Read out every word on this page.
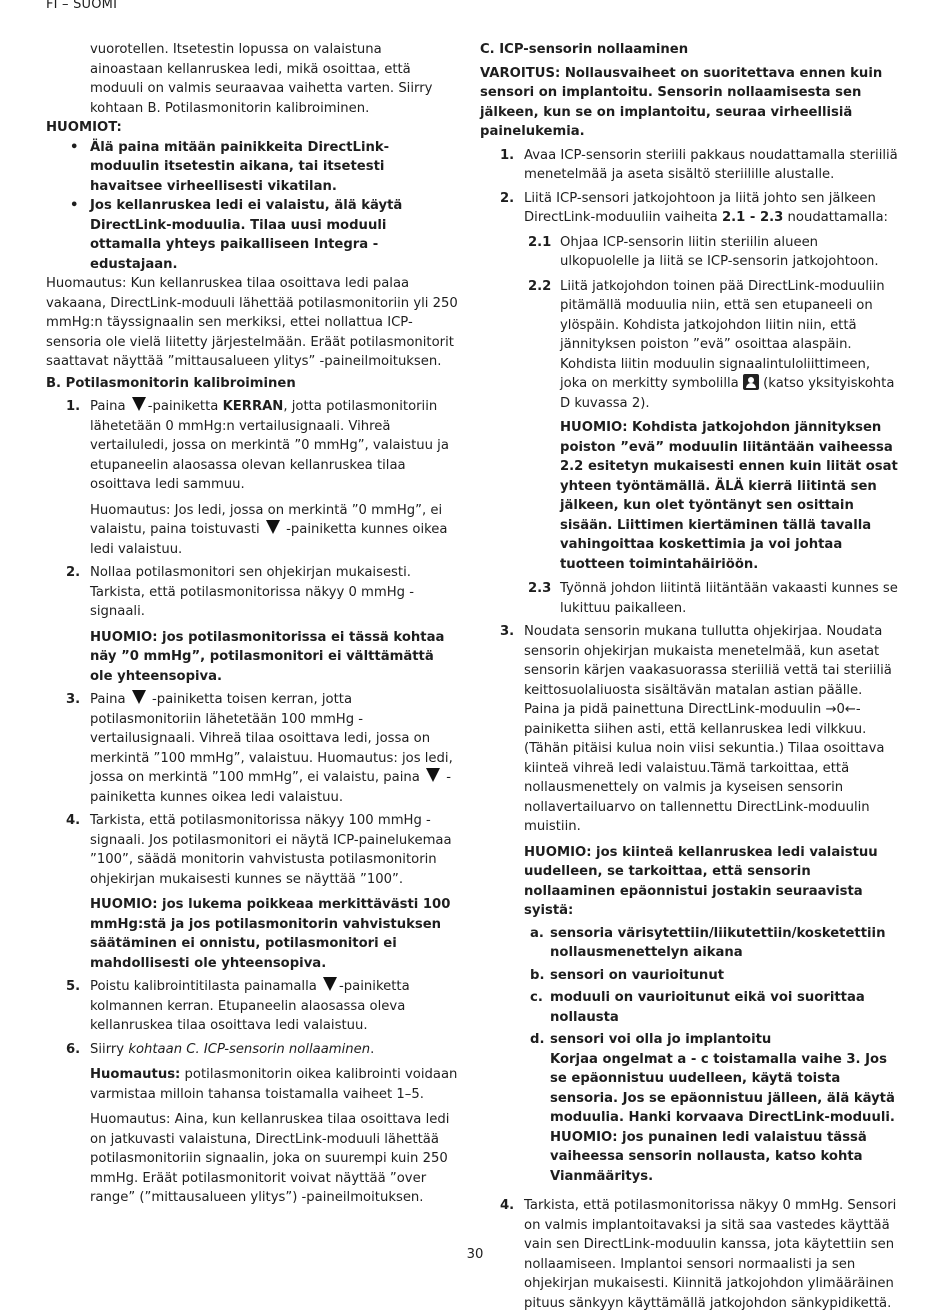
FI – SUOMI

vuorotellen. Itsetestin lopussa on valaistuna ainoastaan kellanruskea ledi, mikä osoittaa, että moduuli on valmis seuraavaa vaihetta varten. Siirry kohtaan B. Potilasmonitorin kalibroiminen.

HUOMIOT:

• Älä paina mitään painikkeita DirectLink-moduulin itsetestin aikana, tai itsetesti havaitsee virheellisesti vikatilan.

• Jos kellanruskea ledi ei valaistu, älä käytä DirectLink-moduulia. Tilaa uusi moduuli ottamalla yhteys paikalliseen Integra -edustajaan.

Huomautus: Kun kellanruskea tilaa osoittava ledi palaa vakaana, DirectLink-moduuli lähettää potilasmonitoriin yli 250 mmHg:n täyssignaalin sen merkiksi, ettei nollattua ICP-sensoria ole vielä liitetty järjestelmään. Eräät potilasmonitorit saattavat näyttää ”mittausalueen ylitys” -paineilmoituksen.

B. Potilasmonitorin kalibroiminen

1. Paina -painiketta KERRAN, jotta potilasmonitoriin lähetetään 0 mmHg:n vertailusignaali. Vihreä vertailuledi, jossa on merkintä ”0 mmHg”, valaistuu ja etupaneelin alaosassa olevan kellanruskea tilaa osoittava ledi sammuu.
Huomautus: Jos ledi, jossa on merkintä ”0 mmHg”, ei valaistu, paina toistuvasti -painiketta kunnes oikea ledi valaistuu.
2. Nollaa potilasmonitori sen ohjekirjan mukaisesti. Tarkista, että potilasmonitorissa näkyy 0 mmHg -signaali.
HUOMIO: jos potilasmonitorissa ei tässä kohtaa näy ”0 mmHg”, potilasmonitori ei välttämättä ole yhteensopiva.
3. Paina -painiketta toisen kerran, jotta potilasmonitoriin lähetetään 100 mmHg -vertailusignaali. Vihreä tilaa osoittava ledi, jossa on merkintä ”100 mmHg”, valaistuu. Huomautus: jos ledi, jossa on merkintä ”100 mmHg”, ei valaistu, paina -painiketta kunnes oikea ledi valaistuu.
4. Tarkista, että potilasmonitorissa näkyy 100 mmHg -signaali. Jos potilasmonitori ei näytä ICP-painelukemaa ”100”, säädä monitorin vahvistusta potilasmonitorin ohjekirjan mukaisesti kunnes se näyttää ”100”.
HUOMIO: jos lukema poikkeaa merkittävästi 100 mmHg:stä ja jos potilasmonitorin vahvistuksen säätäminen ei onnistu, potilasmonitori ei mahdollisesti ole yhteensopiva.
5. Poistu kalibrointitilasta painamalla -painiketta kolmannen kerran. Etupaneelin alaosassa oleva kellanruskea tilaa osoittava ledi valaistuu.
6. Siirry kohtaan C. ICP-sensorin nollaaminen.
Huomautus: potilasmonitorin oikea kalibrointi voidaan varmistaa milloin tahansa toistamalla vaiheet 1–5.
Huomautus: Aina, kun kellanruskea tilaa osoittava ledi on jatkuvasti valaistuna, DirectLink-moduuli lähettää potilasmonitoriin signaalin, joka on suurempi kuin 250 mmHg. Eräät potilasmonitorit voivat näyttää ”over range” (”mittausalueen ylitys”) -paineilmoituksen.

C. ICP-sensorin nollaaminen

VAROITUS: Nollausvaiheet on suoritettava ennen kuin sensori on implantoitu. Sensorin nollaamisesta sen jälkeen, kun se on implantoitu, seuraa virheellisiä painelukemia.

1. Avaa ICP-sensorin steriili pakkaus noudattamalla steriiliä menetelmää ja aseta sisältö steriilille alustalle.
2. Liitä ICP-sensori jatkojohtoon ja liitä johto sen jälkeen DirectLink-moduuliin vaiheita 2.1 - 2.3 noudattamalla:
2.1 Ohjaa ICP-sensorin liitin steriilin alueen ulkopuolelle ja liitä se ICP-sensorin jatkojohtoon.
2.2 Liitä jatkojohdon toinen pää DirectLink-moduuliin pitämällä moduulia niin, että sen etupaneeli on ylöspäin. Kohdista jatkojohdon liitin niin, että jännityksen poiston ”evä” osoittaa alaspäin. Kohdista liitin moduulin signaalintuloliittimeen, joka on merkitty symbolilla (katso yksityiskohta D kuvassa 2).
HUOMIO: Kohdista jatkojohdon jännityksen poiston ”evä” moduulin liitäntään vaiheessa 2.2 esitetyn mukaisesti ennen kuin liität osat yhteen työntämällä. ÄLÄ kierrä liitintä sen jälkeen, kun olet työntänyt sen osittain sisään. Liittimen kiertäminen tällä tavalla vahingoittaa koskettimia ja voi johtaa tuotteen toimintahäiriöön.
2.3 Työnnä johdon liitintä liitäntään vakaasti kunnes se lukittuu paikalleen.
3. Noudata sensorin mukana tullutta ohjekirjaa. Noudata sensorin ohjekirjan mukaista menetelmää, kun asetat sensorin kärjen vaakasuorassa steriiliä vettä tai steriiliä keittosuolaliuosta sisältävän matalan astian päälle. Paina ja pidä painettuna DirectLink-moduulin →0←-painiketta siihen asti, että kellanruskea ledi vilkkuu. (Tähän pitäisi kulua noin viisi sekuntia.) Tilaa osoittava kiinteä vihreä ledi valaistuu.Tämä tarkoittaa, että nollausmenettely on valmis ja kyseisen sensorin nollavertailuarvo on tallennettu DirectLink-moduulin muistiin.
HUOMIO: jos kiinteä kellanruskea ledi valaistuu uudelleen, se tarkoittaa, että sensorin nollaaminen epäonnistui jostakin seuraavista syistä:
a. sensoria värisytettiin/liikutettiin/kosketettiin nollausmenettelyn aikana
b. sensori on vaurioitunut
c. moduuli on vaurioitunut eikä voi suorittaa nollausta
d. sensori voi olla jo implantoitu
Korjaa ongelmat a - c toistamalla vaihe 3. Jos se epäonnistuu uudelleen, käytä toista sensoria. Jos se epäonnistuu jälleen, älä käytä moduulia. Hanki korvaava DirectLink-moduuli.
HUOMIO: jos punainen ledi valaistuu tässä vaiheessa sensorin nollausta, katso kohta Vianmääritys.
4. Tarkista, että potilasmonitorissa näkyy 0 mmHg. Sensori on valmis implantoitavaksi ja sitä saa vastedes käyttää vain sen DirectLink-moduulin kanssa, jota käytettiin sen nollaamiseen. Implantoi sensori normaalisti ja sen ohjekirjan mukaisesti. Kiinnitä jatkojohdon ylimääräinen pituus sänkyyn käyttämällä jatkojohdon sänkypidikettä.
30
